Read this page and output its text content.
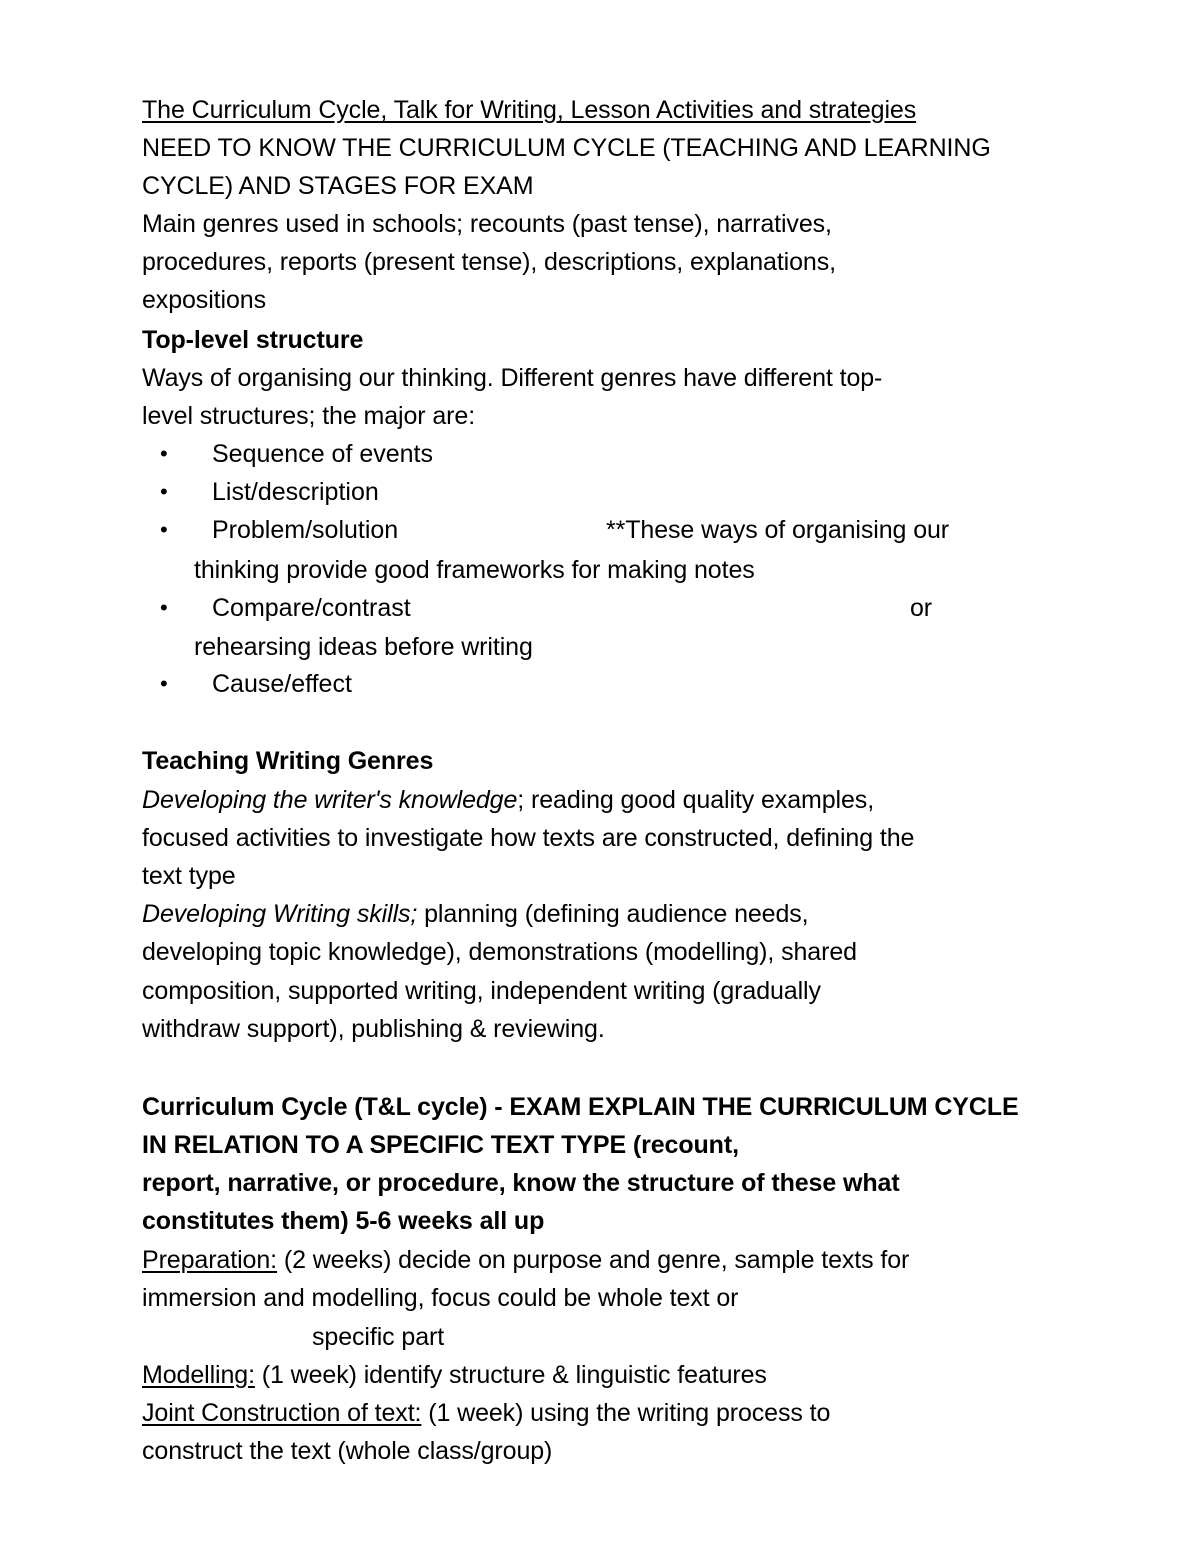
The Curriculum Cycle, Talk for Writing, Lesson Activities and strategies
NEED TO KNOW THE CURRICULUM CYCLE (TEACHING AND LEARNING
CYCLE) AND STAGES FOR EXAM
Main genres used in schools; recounts (past tense), narratives,
procedures, reports (present tense), descriptions, explanations,
expositions
Top-level structure
Ways of organising our thinking. Different genres have different top-
level structures; the major are:
• Sequence of events
• List/description
• Problem/solution	**These ways of organising our
thinking provide good frameworks for making notes
• Compare/contrast	or
rehearsing ideas before writing
• Cause/effect
Teaching Writing Genres
Developing the writer's knowledge; reading good quality examples,
focused activities to investigate how texts are constructed, defining the
text type
Developing Writing skills; planning (defining audience needs,
developing topic knowledge), demonstrations (modelling), shared
composition, supported writing, independent writing (gradually
withdraw support), publishing & reviewing.
Curriculum Cycle (T&L cycle) - EXAM EXPLAIN THE CURRICULUM CYCLE
IN RELATION TO A SPECIFIC TEXT TYPE (recount,
report, narrative, or procedure, know the structure of these what
constitutes them) 5-6 weeks all up
Preparation: (2 weeks) decide on purpose and genre, sample texts for
immersion and modelling, focus could be whole text or
specific part
Modelling: (1 week) identify structure & linguistic features
Joint Construction of text: (1 week) using the writing process to
construct the text (whole class/group)
